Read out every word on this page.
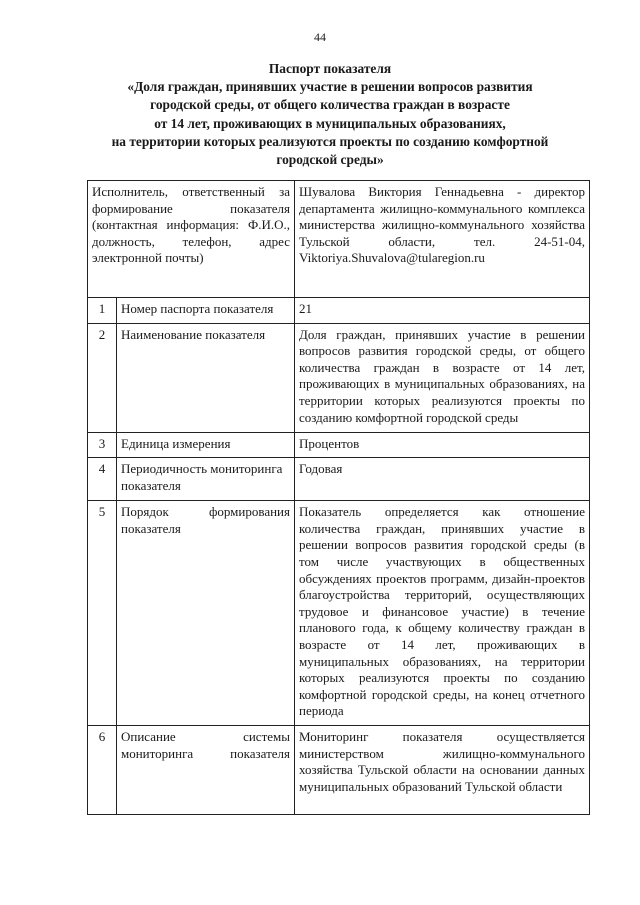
44
Паспорт показателя
«Доля граждан, принявших участие в решении вопросов развития
городской среды, от общего количества граждан в возрасте
от 14 лет, проживающих в муниципальных образованиях,
на территории которых реализуются проекты по созданию комфортной
городской среды»
Исполнитель, ответственный за формирование показателя (контактная информация: Ф.И.О., должность, телефон, адрес электронной почты)		Шувалова Виктория Геннадьевна - директор департамента жилищно-коммунального комплекса министерства жилищно-коммунального хозяйства Тульской области, тел. 24-51-04, Viktoriya.Shuvalova@tularegion.ru
1	Номер паспорта показателя	21
2	Наименование показателя	Доля граждан, принявших участие в решении вопросов развития городской среды, от общего количества граждан в возрасте от 14 лет, проживающих в муниципальных образованиях, на территории которых реализуются проекты по созданию комфортной городской среды
3	Единица измерения	Процентов
4	Периодичность мониторинга показателя	Годовая
5	Порядок формирования показателя	Показатель определяется как отношение количества граждан, принявших участие в решении вопросов развития городской среды (в том числе участвующих в общественных обсуждениях проектов программ, дизайн-проектов благоустройства территорий, осуществляющих трудовое и финансовое участие) в течение планового года, к общему количеству граждан в возрасте от 14 лет, проживающих в муниципальных образованиях, на территории которых реализуются проекты по созданию комфортной городской среды, на конец отчетного периода
6	Описание системы мониторинга показателя	Мониторинг показателя осуществляется министерством жилищно-коммунального хозяйства Тульской области на основании данных муниципальных образований Тульской области
